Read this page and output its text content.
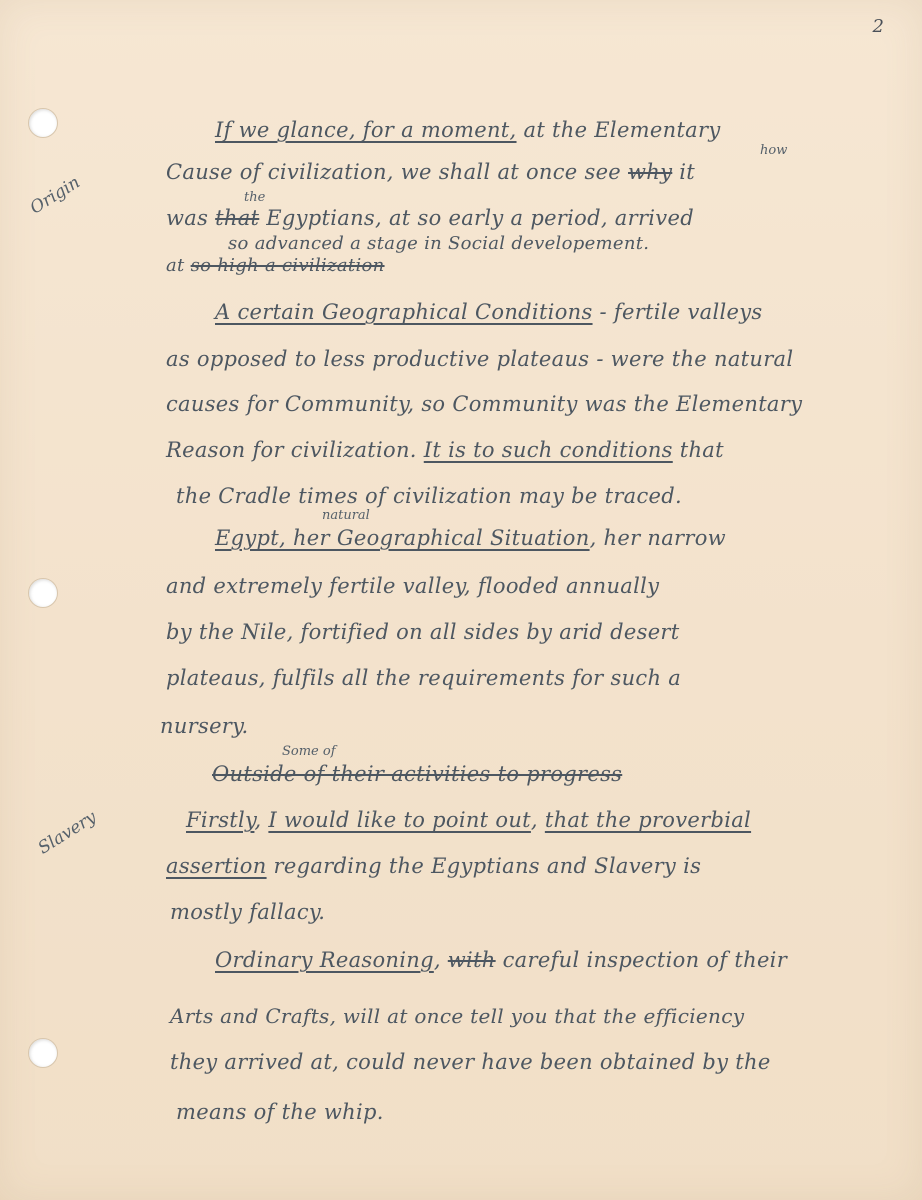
2
Origin
Slavery
If we glance, for a moment, at the Elementary
how
Cause of civilization, we shall at once see why it
the
was that Egyptians, at so early a period, arrived
so advanced a stage in Social developement.
at so high a civilization
A certain Geographical Conditions - fertile valleys
as opposed to less productive plateaus - were the natural
causes for Community, so Community was the Elementary
Reason for civilization. It is to such conditions that
the Cradle times of civilization may be traced.
natural
Egypt, her Geographical Situation, her narrow
and extremely fertile valley, flooded annually
by the Nile, fortified on all sides by arid desert
plateaus, fulfils all the requirements for such a
nursery.
Some of
Outside of their activities to progress
Firstly, I would like to point out, that the proverbial
assertion regarding the Egyptians and Slavery is
mostly fallacy.
Ordinary Reasoning, with careful inspection of their
Arts and Crafts, will at once tell you that the efficiency
they arrived at, could never have been obtained by the
means of the whip.
